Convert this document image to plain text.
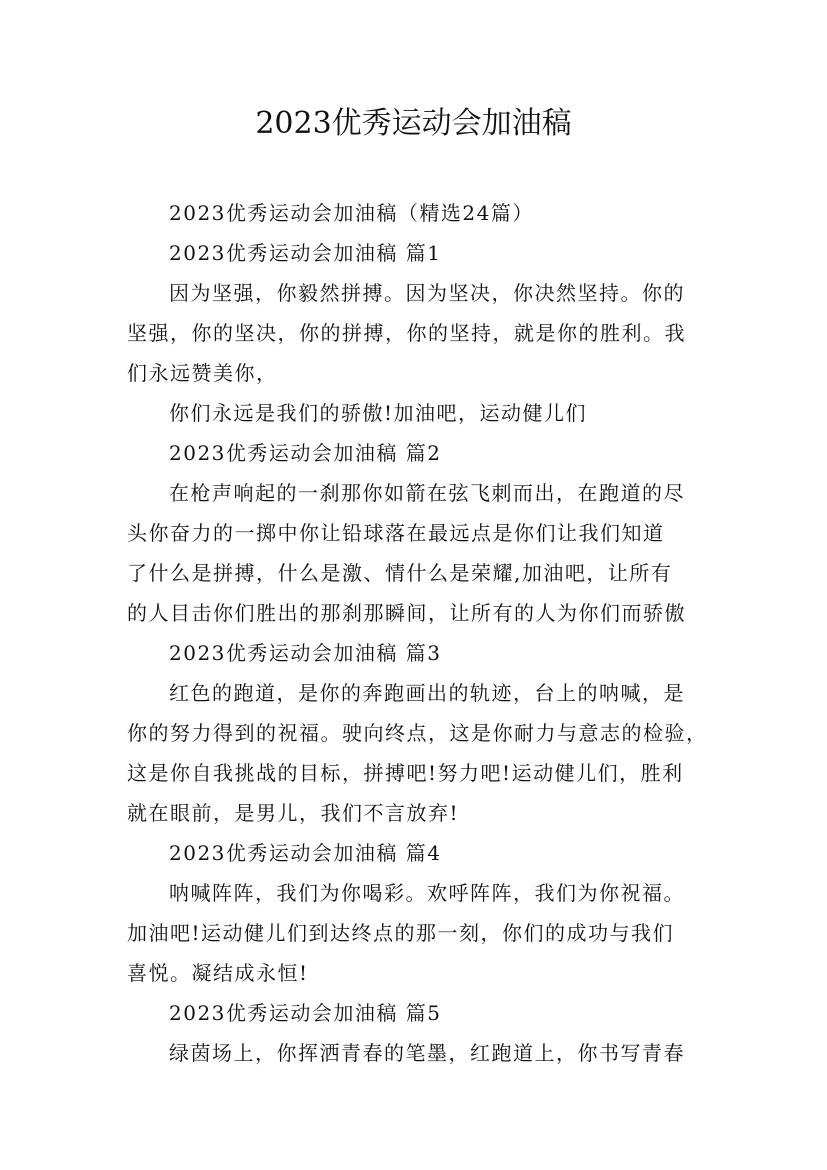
2023优秀运动会加油稿
2023优秀运动会加油稿（精选24篇）
2023优秀运动会加油稿 篇1
因为坚强，你毅然拼搏。因为坚决，你决然坚持。你的
坚强，你的坚决，你的拼搏，你的坚持，就是你的胜利。我
们永远赞美你，
你们永远是我们的骄傲!加油吧，运动健儿们
2023优秀运动会加油稿 篇2
在枪声响起的一刹那你如箭在弦飞刺而出，在跑道的尽
头你奋力的一掷中你让铅球落在最远点是你们让我们知道
了什么是拼搏，什么是激、情什么是荣耀,加油吧，让所有
的人目击你们胜出的那刹那瞬间，让所有的人为你们而骄傲
2023优秀运动会加油稿 篇3
红色的跑道，是你的奔跑画出的轨迹，台上的呐喊，是
你的努力得到的祝福。驶向终点，这是你耐力与意志的检验，
这是你自我挑战的目标，拼搏吧!努力吧!运动健儿们，胜利
就在眼前，是男儿，我们不言放弃!
2023优秀运动会加油稿 篇4
呐喊阵阵，我们为你喝彩。欢呼阵阵，我们为你祝福。
加油吧!运动健儿们到达终点的那一刻，你们的成功与我们
喜悦。凝结成永恒!
2023优秀运动会加油稿 篇5
绿茵场上，你挥洒青春的笔墨，红跑道上，你书写青春
